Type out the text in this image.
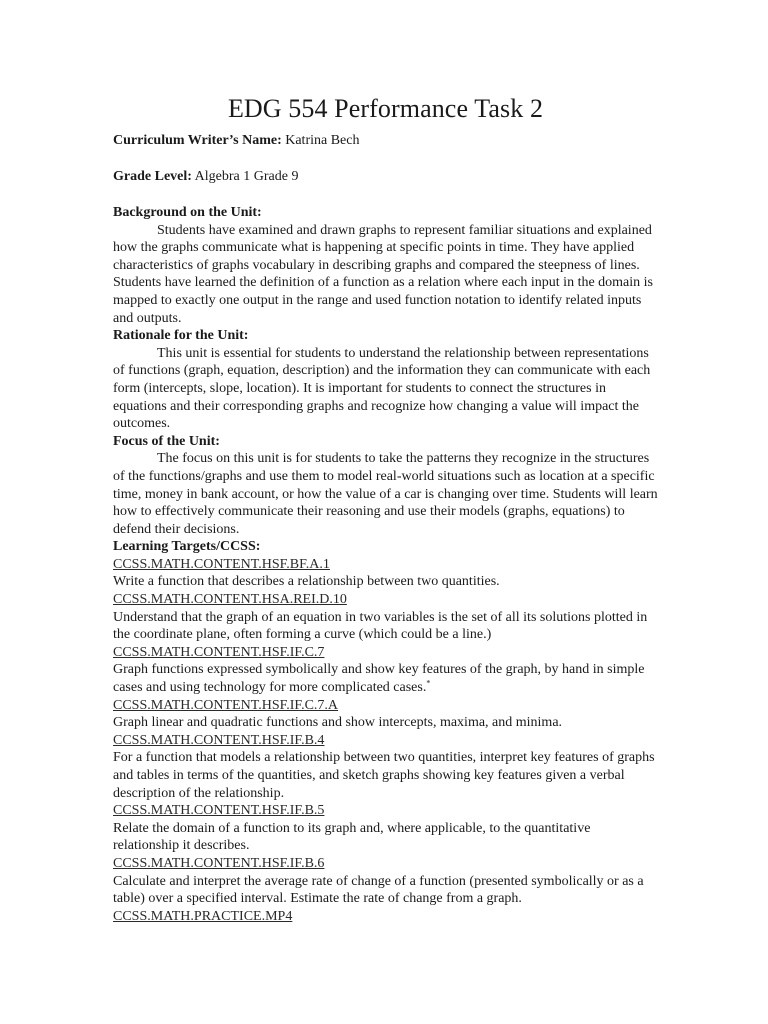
EDG 554 Performance Task 2

Curriculum Writer’s Name: Katrina Bech

Grade Level: Algebra 1 Grade 9

Background on the Unit:

Students have examined and drawn graphs to represent familiar situations and explained how the graphs communicate what is happening at specific points in time. They have applied characteristics of graphs vocabulary in describing graphs and compared the steepness of lines. Students have learned the definition of a function as a relation where each input in the domain is mapped to exactly one output in the range and used function notation to identify related inputs and outputs.

Rationale for the Unit:

This unit is essential for students to understand the relationship between representations of functions (graph, equation, description) and the information they can communicate with each form (intercepts, slope, location). It is important for students to connect the structures in equations and their corresponding graphs and recognize how changing a value will impact the outcomes.

Focus of the Unit:

The focus on this unit is for students to take the patterns they recognize in the structures of the functions/graphs and use them to model real-world situations such as location at a specific time, money in bank account, or how the value of a car is changing over time. Students will learn how to effectively communicate their reasoning and use their models (graphs, equations) to defend their decisions.

Learning Targets/CCSS:

CCSS.MATH.CONTENT.HSF.BF.A.1

Write a function that describes a relationship between two quantities.

CCSS.MATH.CONTENT.HSA.REI.D.10

Understand that the graph of an equation in two variables is the set of all its solutions plotted in the coordinate plane, often forming a curve (which could be a line.)

CCSS.MATH.CONTENT.HSF.IF.C.7

Graph functions expressed symbolically and show key features of the graph, by hand in simple cases and using technology for more complicated cases.*

CCSS.MATH.CONTENT.HSF.IF.C.7.A

Graph linear and quadratic functions and show intercepts, maxima, and minima.

CCSS.MATH.CONTENT.HSF.IF.B.4

For a function that models a relationship between two quantities, interpret key features of graphs and tables in terms of the quantities, and sketch graphs showing key features given a verbal description of the relationship.

CCSS.MATH.CONTENT.HSF.IF.B.5

Relate the domain of a function to its graph and, where applicable, to the quantitative relationship it describes.

CCSS.MATH.CONTENT.HSF.IF.B.6

Calculate and interpret the average rate of change of a function (presented symbolically or as a table) over a specified interval. Estimate the rate of change from a graph.

CCSS.MATH.PRACTICE.MP4
